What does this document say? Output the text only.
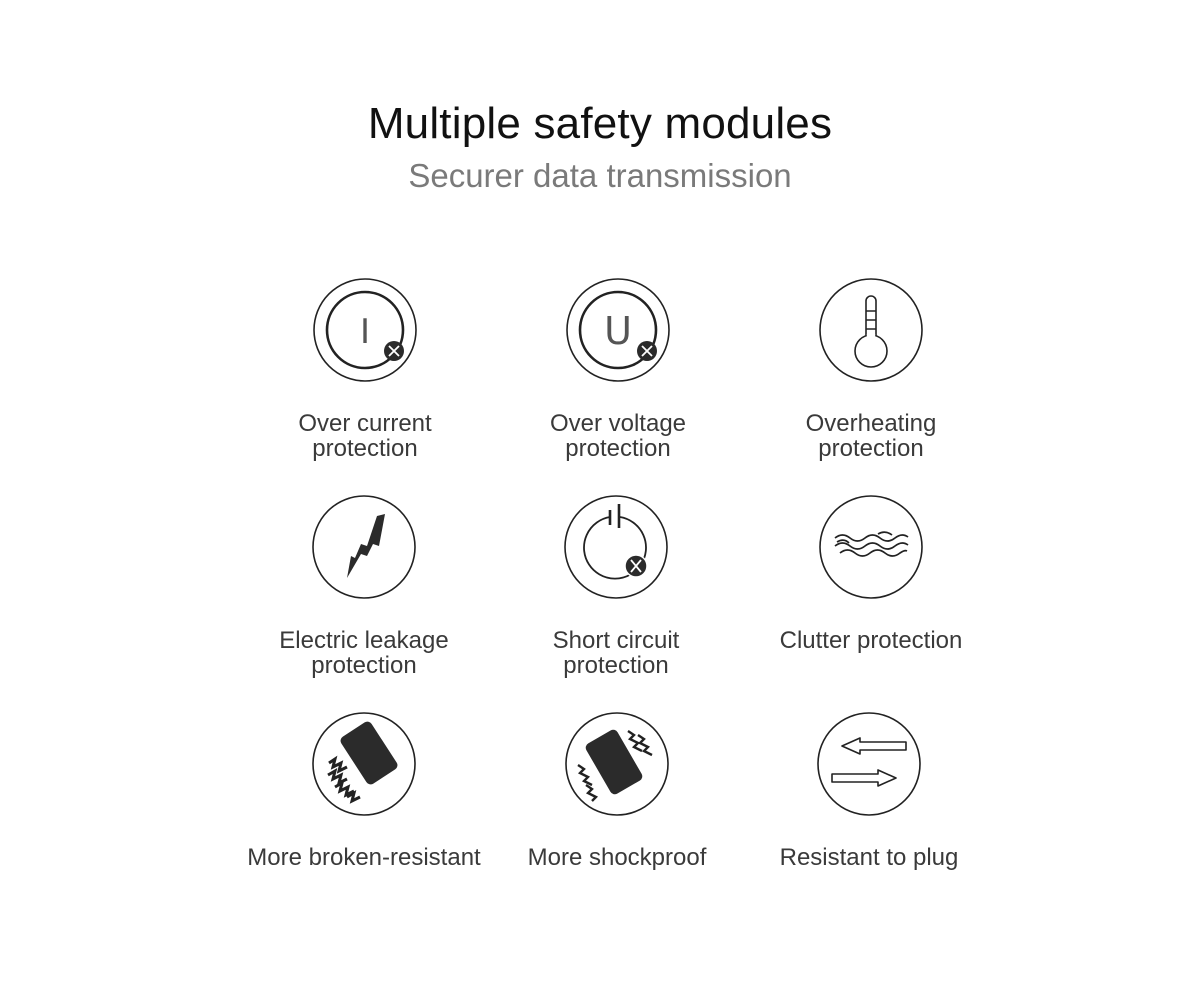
Multiple safety modules
Securer data transmission
I
Over current
protection
U
Over voltage
protection
Overheating
protection
Electric leakage
protection
Short circuit
protection
Clutter protection
More broken-resistant	More shockproof	Resistant to plug
